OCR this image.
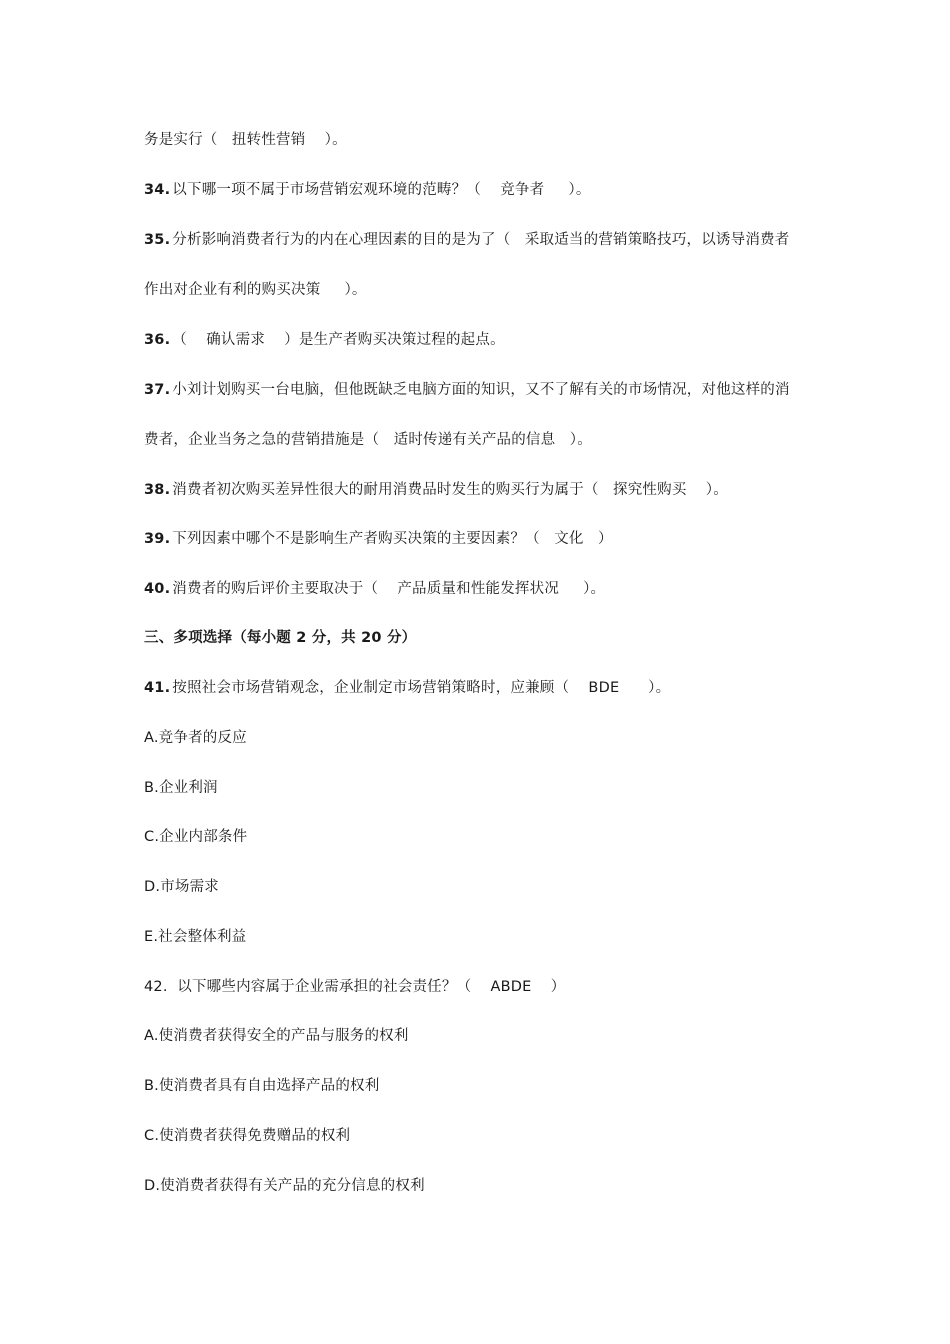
务是实行（   扭转性营销    ）。
34. 以下哪一项不属于市场营销宏观环境的范畴？（    竞争者     ）。
35. 分析影响消费者行为的内在心理因素的目的是为了（   采取适当的营销策略技巧，以诱导消费者
作出对企业有利的购买决策     ）。
36. （    确认需求    ）是生产者购买决策过程的起点。
37. 小刘计划购买一台电脑，但他既缺乏电脑方面的知识，又不了解有关的市场情况，对他这样的消
费者，企业当务之急的营销措施是（   适时传递有关产品的信息   ）。
38. 消费者初次购买差异性很大的耐用消费品时发生的购买行为属于（   探究性购买    ）。
39. 下列因素中哪个不是影响生产者购买决策的主要因素？（   文化   ）
40. 消费者的购后评价主要取决于（    产品质量和性能发挥状况     ）。
三、多项选择（每小题 2 分，共 20 分）
41. 按照社会市场营销观念，企业制定市场营销策略时，应兼顾（    BDE      ）。
A.竞争者的反应
B.企业利润
C.企业内部条件
D.市场需求
E.社会整体利益
42.  以下哪些内容属于企业需承担的社会责任？（    ABDE    ）
A.使消费者获得安全的产品与服务的权利
B.使消费者具有自由选择产品的权利
C.使消费者获得免费赠品的权利
D.使消费者获得有关产品的充分信息的权利
